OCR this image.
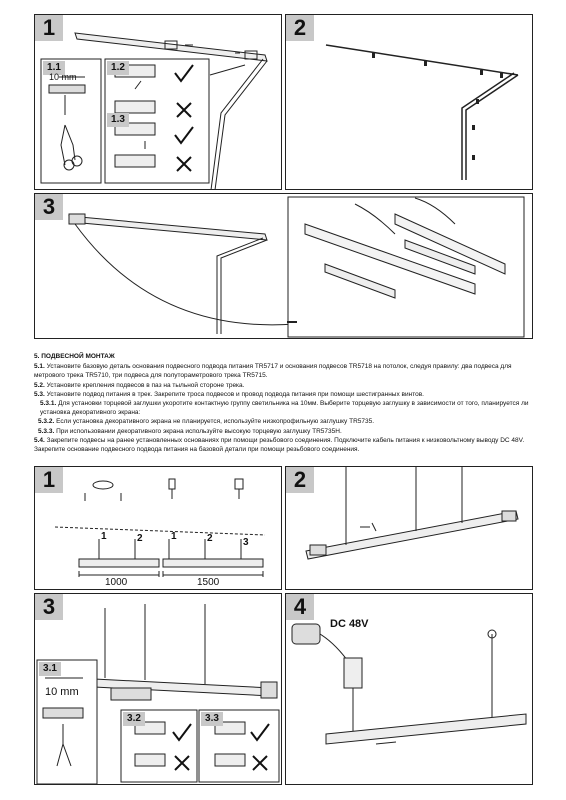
1
1.1	1.2
1.3
10 mm
2
3

5. ПОДВЕСНОЙ МОНТАЖ

5.1. Установите базовую деталь основания подвесного подвода питания TR5717 и основания подвесов TR5718 на потолок, следуя правилу: два подвеса для метрового трека TR5710, три подвеса для полутораметрового трека TR5715.

5.2. Установите крепления подвесов в паз на тыльной стороне трека.

5.3. Установите подвод питания в трек. Закрепите троса подвесов и провод подвода питания при помощи шестигранных винтов.

5.3.1. Для установки торцевой заглушки укоротите контактную группу светильника на 10мм. Выберите торцевую заглушку в зависимости от того, планируется ли установка декоративного экрана:

5.3.2. Если установка декоративного экрана не планируется, используйте низкопрофильную заглушку TR5735.

5.3.3. При использовании декоративного экрана используйте высокую торцевую заглушку TR5735H.

5.4. Закрепите подвесы на ранее установленных основаниях при помощи резьбового соединения. Подключите кабель питания к низковольтному выводу DC 48V. Закрепите основание подвесного подвода питания на базовой детали при помощи резьбового соединения.

1
1	2	1	2	3
1000	1500
2
3
3.1
3.2	3.3
10 mm
4
DC 48V
